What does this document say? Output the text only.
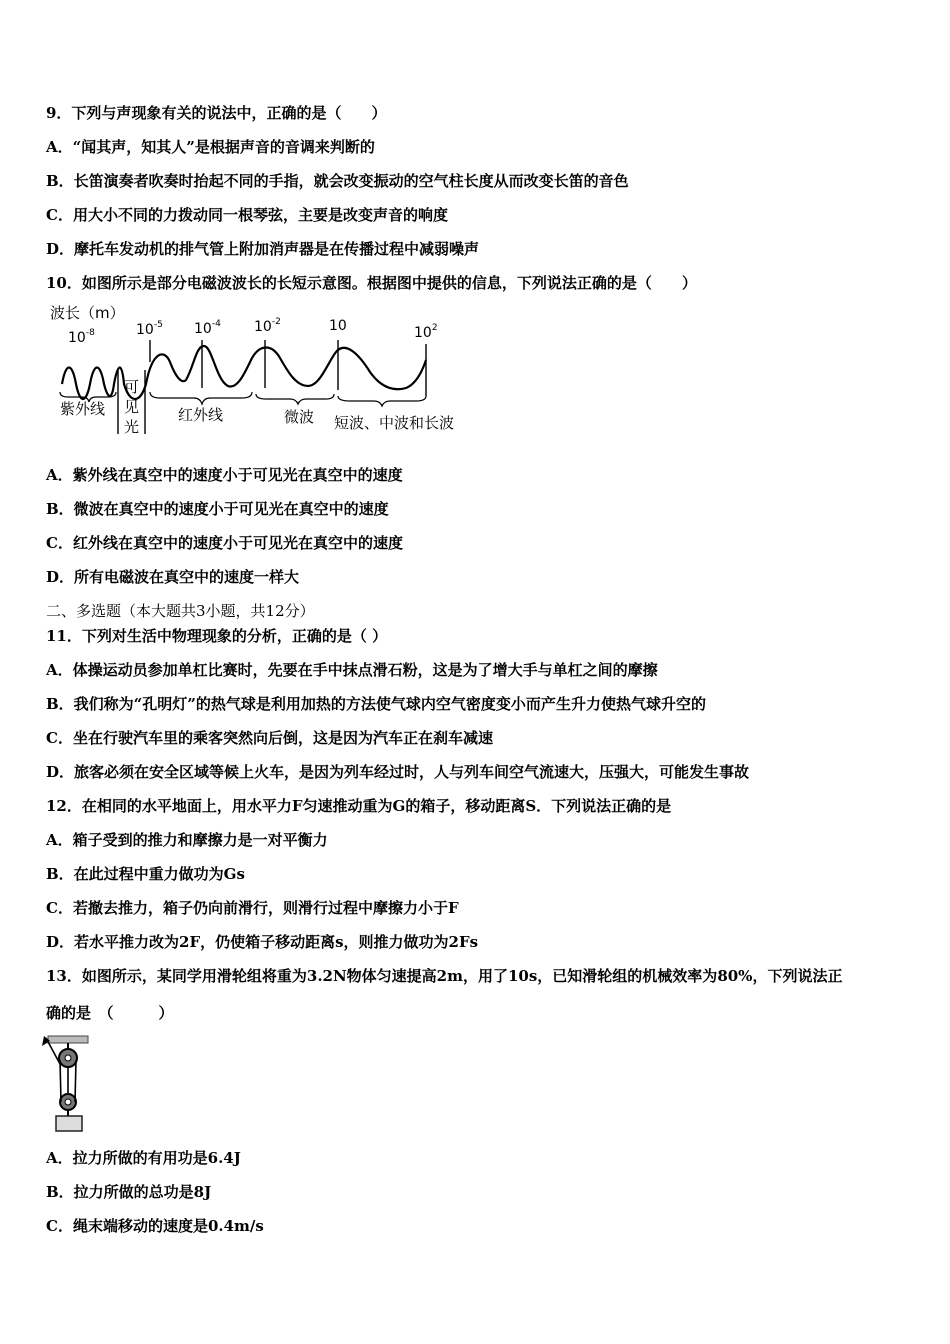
9．下列与声现象有关的说法中，正确的是（　　）
A．“闻其声，知其人”是根据声音的音调来判断的
B．长笛演奏者吹奏时抬起不同的手指，就会改变振动的空气柱长度从而改变长笛的音色
C．用大小不同的力拨动同一根琴弦，主要是改变声音的响度
D．摩托车发动机的排气管上附加消声器是在传播过程中减弱噪声
10．如图所示是部分电磁波波长的长短示意图。根据图中提供的信息，下列说法正确的是（　　）
波长（m）
$10^{-8}$	$10^{-5}$ $10^{-4}$ $10^{-2}$	10	$10^2$
紫外线
可
见
光
红外线	微波 短波、中波和长波
A．紫外线在真空中的速度小于可见光在真空中的速度
B．微波在真空中的速度小于可见光在真空中的速度
C．红外线在真空中的速度小于可见光在真空中的速度
D．所有电磁波在真空中的速度一样大
二、多选题（本大题共3小题，共12分）
11．下列对生活中物理现象的分析，正确的是（ ）
A．体操运动员参加单杠比赛时，先要在手中抹点滑石粉，这是为了增大手与单杠之间的摩擦
B．我们称为“孔明灯”的热气球是利用加热的方法使气球内空气密度变小而产生升力使热气球升空的
C．坐在行驶汽车里的乘客突然向后倒，这是因为汽车正在刹车减速
D．旅客必须在安全区域等候上火车，是因为列车经过时，人与列车间空气流速大，压强大，可能发生事故
12．在相同的水平地面上，用水平力F匀速推动重为G的箱子，移动距离S．下列说法正确的是
A．箱子受到的推力和摩擦力是一对平衡力
B．在此过程中重力做功为Gs
C．若撤去推力，箱子仍向前滑行，则滑行过程中摩擦力小于F
D．若水平推力改为2F，仍使箱子移动距离s，则推力做功为2Fs
13．如图所示，某同学用滑轮组将重为3.2N物体匀速提高2m，用了10s，已知滑轮组的机械效率为80%，下列说法正
确的是　（　　　）
A．拉力所做的有用功是6.4J
B．拉力所做的总功是8J
C．绳末端移动的速度是0.4m/s
